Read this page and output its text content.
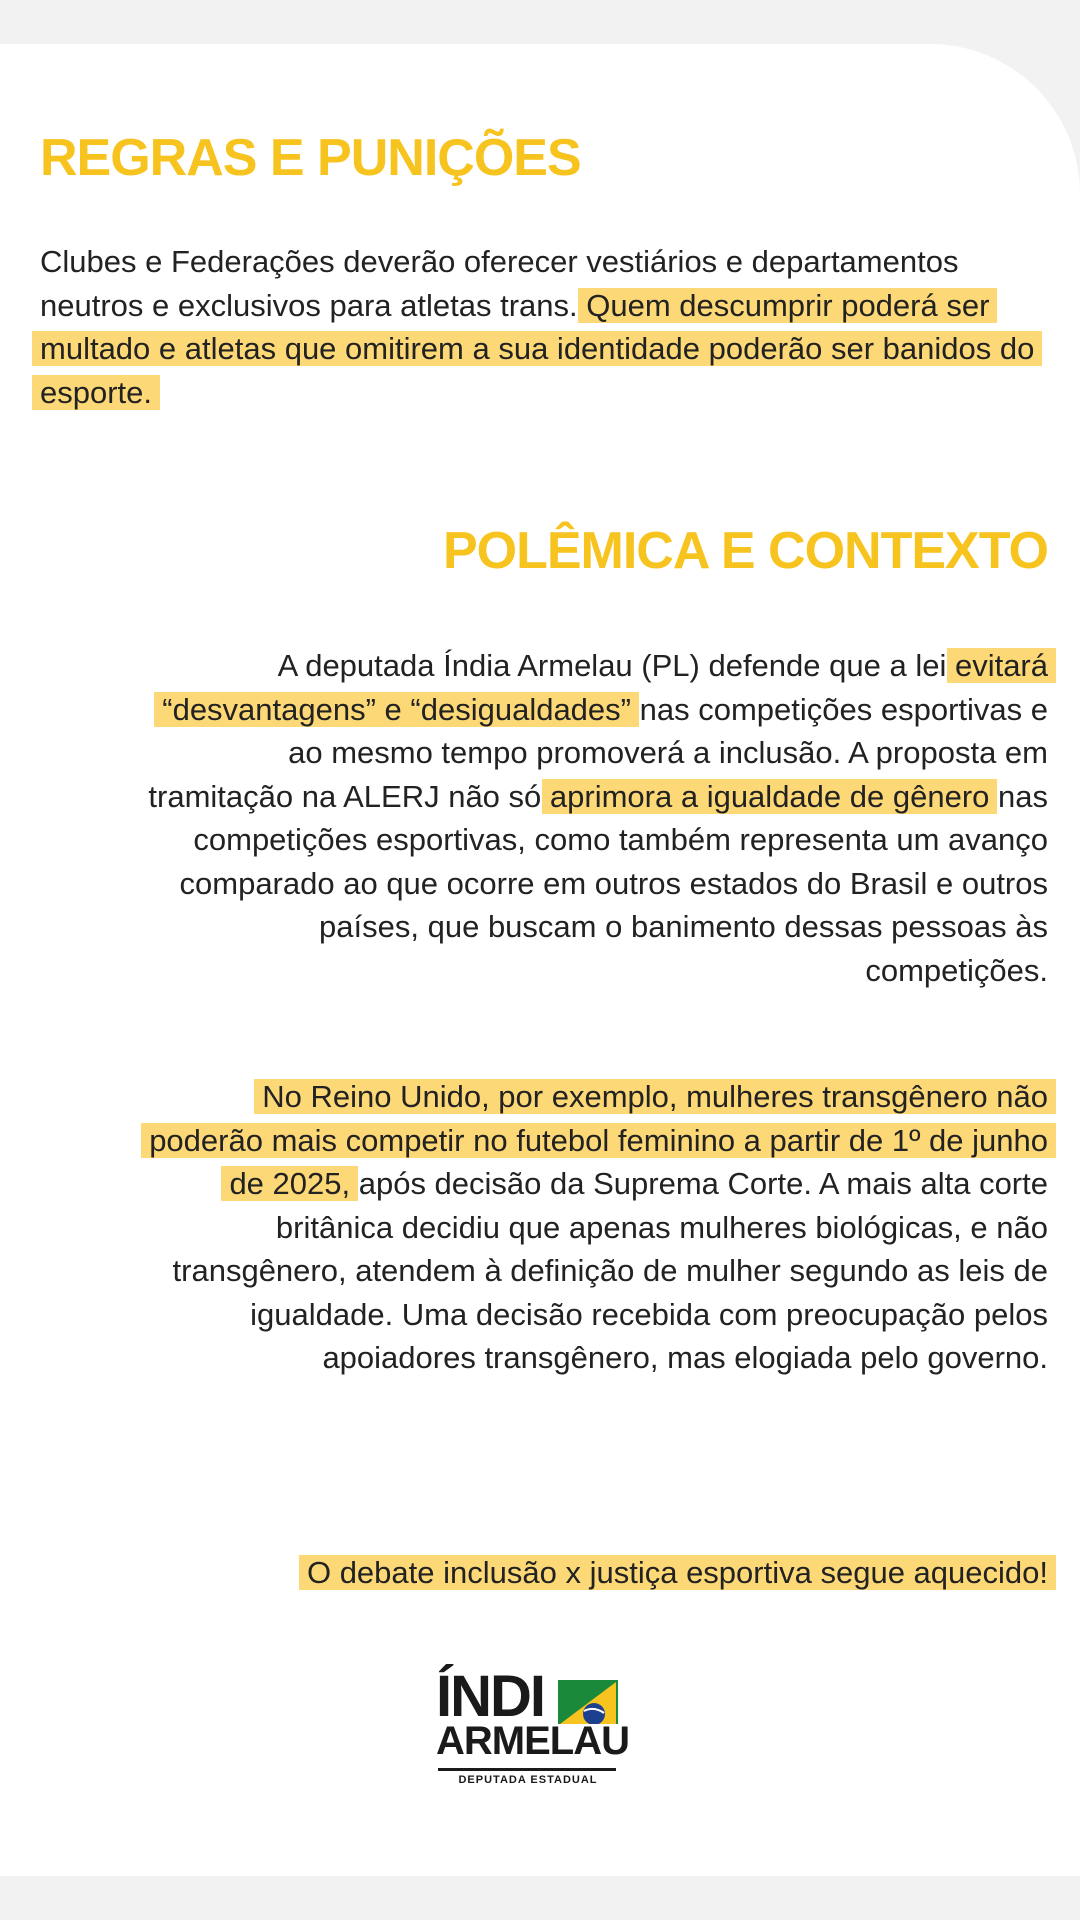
REGRAS E PUNIÇÕES

Clubes e Federações deverão oferecer vestiários e departamentos neutros e exclusivos para atletas trans. Quem descumprir poderá ser multado e atletas que omitirem a sua identidade poderão ser banidos do esporte.

POLÊMICA E CONTEXTO

A deputada Índia Armelau (PL) defende que a lei evitará “desvantagens” e “desigualdades” nas competições esportivas e ao mesmo tempo promoverá a inclusão. A proposta em tramitação na ALERJ não só aprimora a igualdade de gênero nas competições esportivas, como também representa um avanço comparado ao que ocorre em outros estados do Brasil e outros países, que buscam o banimento dessas pessoas às competições.

No Reino Unido, por exemplo, mulheres transgênero não poderão mais competir no futebol feminino a partir de 1º de junho de 2025, após decisão da Suprema Corte. A mais alta corte britânica decidiu que apenas mulheres biológicas, e não transgênero, atendem à definição de mulher segundo as leis de igualdade. Uma decisão recebida com preocupação pelos apoiadores transgênero, mas elogiada pelo governo.

O debate inclusão x justiça esportiva segue aquecido!

ÍNDI
ARMELAU
DEPUTADA ESTADUAL
